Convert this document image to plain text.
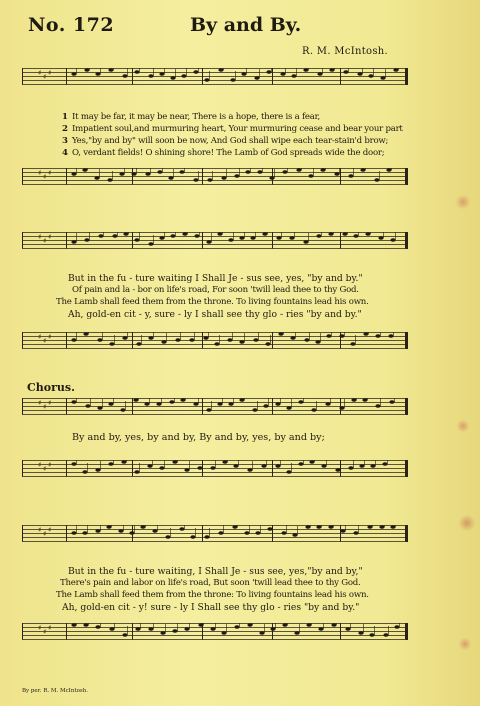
No. 172	By and By.
R. M. McIntosh.
♯ ♯ ♯
1 It may be far, it may be near, There is a hope, there is a fear,
2 Impatient soul,and murmuring heart, Your murmuring cease and bear your part
3 Yes,"by and by" will soon be now, And God shall wipe each tear-stain'd brow;
4 O, verdant fields! O shining shore! The Lamb of God spreads wide the door;
♯ ♯ ♯
♯ ♯ ♯
But in the fu - ture waiting I Shall Je - sus see, yes, "by and by."
Of pain and la - bor on life's road, For soon 'twill lead thee to thy God.
The Lamb shall feed them from the throne. To living fountains lead his own.
Ah, gold-en cit - y, sure - ly I shall see thy glo - ries "by and by."
♯ ♯ ♯
Chorus.
♯ ♯ ♯
By and by, yes, by and by, By and by, yes, by and by;
♯ ♯ ♯
♯ ♯ ♯
But in the fu - ture waiting, I Shall Je - sus see, yes,"by and by,"
There's pain and labor on life's road, But soon 'twill lead thee to thy God.
The Lamb shall feed them from the throne: To living fountains lead his own.
Ah, gold-en cit - y! sure - ly I Shall see thy glo - ries "by and by."
♯ ♯ ♯
By per. R. M. McIntosh.
